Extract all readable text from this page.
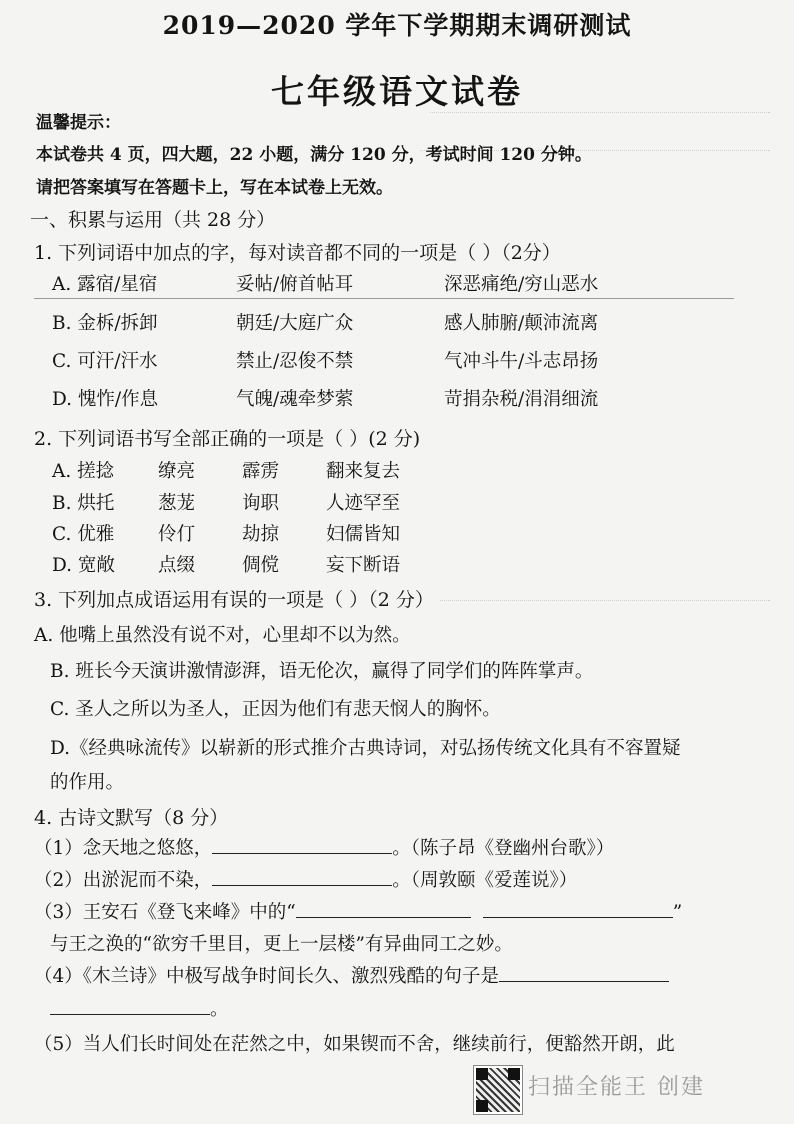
2019—2020 学年下学期期末调研测试
七年级语文试卷
温馨提示：
本试卷共 4 页，四大题，22 小题，满分 120 分，考试时间 120 分钟。
请把答案填写在答题卡上，写在本试卷上无效。
一、积累与运用（共 28 分）
1. 下列词语中加点的字，每对读音都不同的一项是（ ）（2分）
A. 露宿/星宿	妥帖/俯首帖耳	深恶痛绝/穷山恶水
B. 金柝/拆卸	朝廷/大庭广众	感人肺腑/颠沛流离
C. 可汗/汗水	禁止/忍俊不禁	气冲斗牛/斗志昂扬
D. 愧怍/作息	气魄/魂牵梦萦	苛捐杂税/涓涓细流
2. 下列词语书写全部正确的一项是（ ）(2 分)
A. 搓捻 缭亮	霹雳	翻来复去
B. 烘托 葱茏	询职	人迹罕至
C. 优雅 伶仃	劫掠	妇儒皆知
D. 宽敞 点缀	倜傥	妄下断语
3. 下列加点成语运用有误的一项是（ ）（2 分）
A. 他嘴上虽然没有说不对，心里却不以为然。
B. 班长今天演讲激情澎湃，语无伦次，赢得了同学们的阵阵掌声。
C. 圣人之所以为圣人，正因为他们有悲天悯人的胸怀。
D.《经典咏流传》以崭新的形式推介古典诗词，对弘扬传统文化具有不容置疑
的作用。
4. 古诗文默写（8 分）
（1）念天地之悠悠，	。（陈子昂《登幽州台歌》）
（2）出淤泥而不染，	。（周敦颐《爱莲说》）
（3）王安石《登飞来峰》中的“	”
与王之涣的“欲穷千里目，更上一层楼”有异曲同工之妙。
（4）《木兰诗》中极写战争时间长久、激烈残酷的句子是
。
（5）当人们长时间处在茫然之中，如果锲而不舍，继续前行，便豁然开朗，此
扫描全能王 创建
